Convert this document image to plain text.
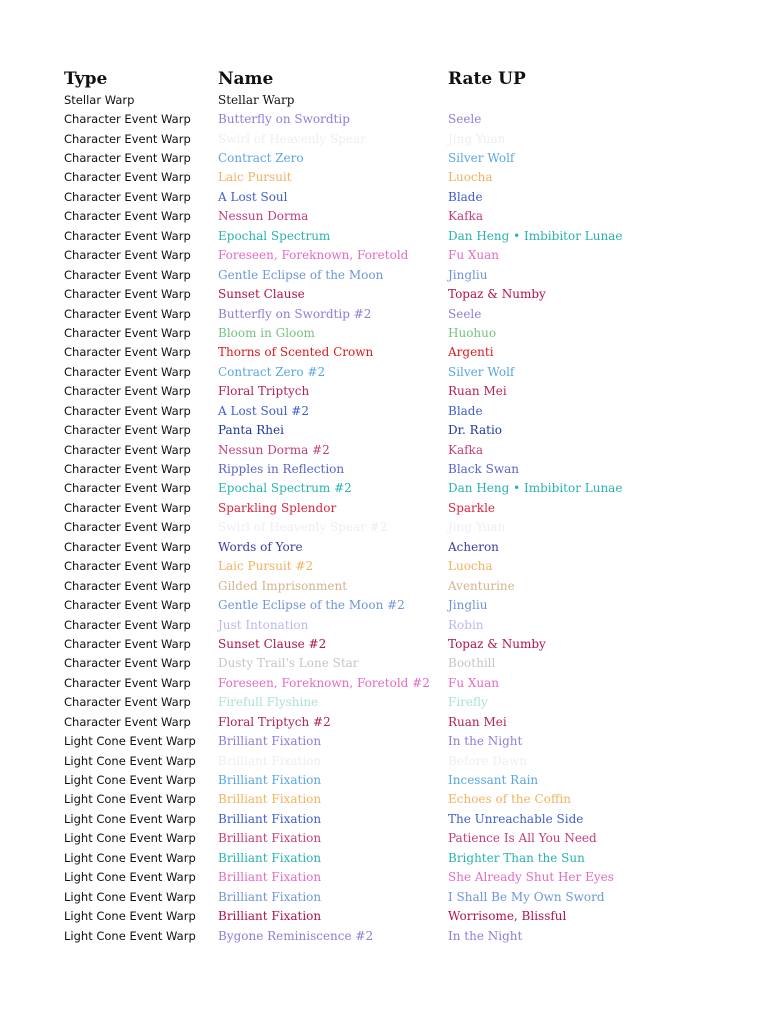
Type	Name	Rate UP
Stellar Warp	Stellar Warp
Character Event Warp	Butterfly on Swordtip	Seele
Character Event Warp	Swirl of Heavenly Spear	Jing Yuan
Character Event Warp	Contract Zero	Silver Wolf
Character Event Warp	Laic Pursuit	Luocha
Character Event Warp	A Lost Soul	Blade
Character Event Warp	Nessun Dorma	Kafka
Character Event Warp	Epochal Spectrum	Dan Heng • Imbibitor Lunae
Character Event Warp	Foreseen, Foreknown, Foretold	Fu Xuan
Character Event Warp	Gentle Eclipse of the Moon	Jingliu
Character Event Warp	Sunset Clause	Topaz & Numby
Character Event Warp	Butterfly on Swordtip #2	Seele
Character Event Warp	Bloom in Gloom	Huohuo
Character Event Warp	Thorns of Scented Crown	Argenti
Character Event Warp	Contract Zero #2	Silver Wolf
Character Event Warp	Floral Triptych	Ruan Mei
Character Event Warp	A Lost Soul #2	Blade
Character Event Warp	Panta Rhei	Dr. Ratio
Character Event Warp	Nessun Dorma #2	Kafka
Character Event Warp	Ripples in Reflection	Black Swan
Character Event Warp	Epochal Spectrum #2	Dan Heng • Imbibitor Lunae
Character Event Warp	Sparkling Splendor	Sparkle
Character Event Warp	Swirl of Heavenly Spear #2	Jing Yuan
Character Event Warp	Words of Yore	Acheron
Character Event Warp	Laic Pursuit #2	Luocha
Character Event Warp	Gilded Imprisonment	Aventurine
Character Event Warp	Gentle Eclipse of the Moon #2	Jingliu
Character Event Warp	Just Intonation	Robin
Character Event Warp	Sunset Clause #2	Topaz & Numby
Character Event Warp	Dusty Trail's Lone Star	Boothill
Character Event Warp	Foreseen, Foreknown, Foretold #2	Fu Xuan
Character Event Warp	Firefull Flyshine	Firefly
Character Event Warp	Floral Triptych #2	Ruan Mei
Light Cone Event Warp	Brilliant Fixation	In the Night
Light Cone Event Warp	Brilliant Fixation	Before Dawn
Light Cone Event Warp	Brilliant Fixation	Incessant Rain
Light Cone Event Warp	Brilliant Fixation	Echoes of the Coffin
Light Cone Event Warp	Brilliant Fixation	The Unreachable Side
Light Cone Event Warp	Brilliant Fixation	Patience Is All You Need
Light Cone Event Warp	Brilliant Fixation	Brighter Than the Sun
Light Cone Event Warp	Brilliant Fixation	She Already Shut Her Eyes
Light Cone Event Warp	Brilliant Fixation	I Shall Be My Own Sword
Light Cone Event Warp	Brilliant Fixation	Worrisome, Blissful
Light Cone Event Warp	Bygone Reminiscence #2	In the Night
